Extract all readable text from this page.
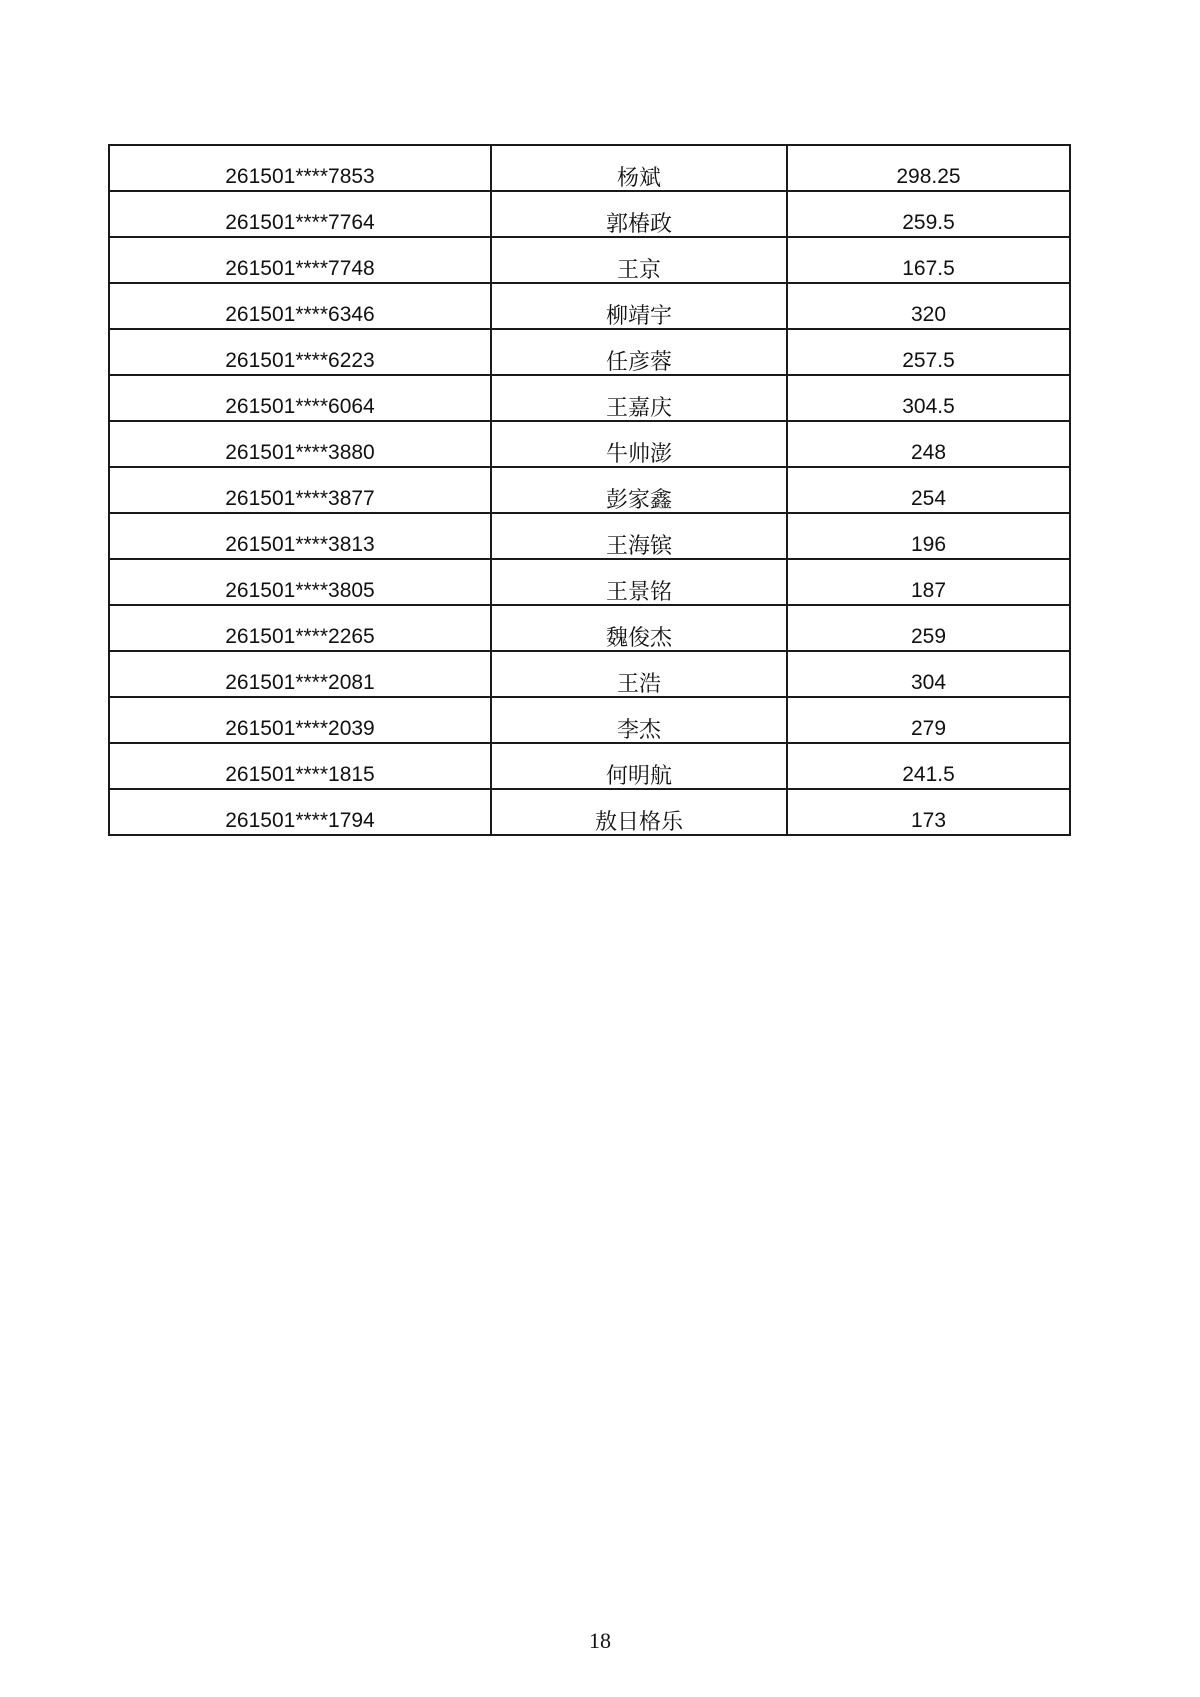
261501****7853	杨斌	298.25
261501****7764	郭椿政	259.5
261501****7748	王京	167.5
261501****6346	柳靖宇	320
261501****6223	任彦蓉	257.5
261501****6064	王嘉庆	304.5
261501****3880	牛帅澎	248
261501****3877	彭家鑫	254
261501****3813	王海镔	196
261501****3805	王景铭	187
261501****2265	魏俊杰	259
261501****2081	王浩	304
261501****2039	李杰	279
261501****1815	何明航	241.5
261501****1794	敖日格乐	173
18
